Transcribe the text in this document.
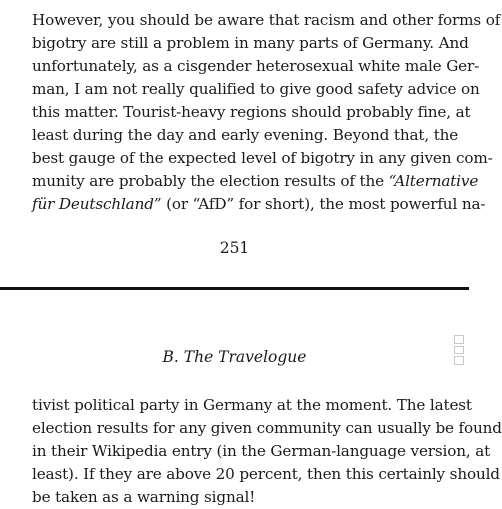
However, you should be aware that racism and other forms of
bigotry are still a problem in many parts of Germany. And
unfortunately, as a cisgender heterosexual white male Ger-
man, I am not really qualified to give good safety advice on
this matter. Tourist-heavy regions should probably fine, at
least during the day and early evening. Beyond that, the
best gauge of the expected level of bigotry in any given com-
munity are probably the election results of the “Alternative
für Deutschland” (or “AfD” for short), the most powerful na-
251
B. The Travelogue
tivist political party in Germany at the moment. The latest
election results for any given community can usually be found
in their Wikipedia entry (in the German-language version, at
least). If they are above 20 percent, then this certainly should
be taken as a warning signal!
